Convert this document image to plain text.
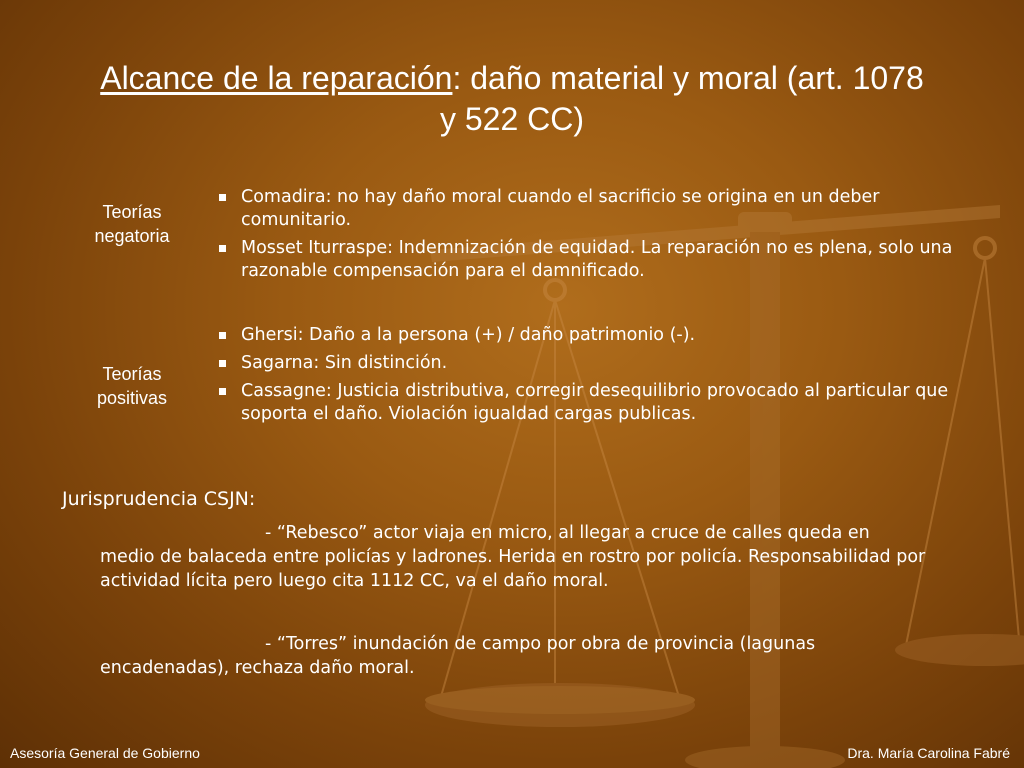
Alcance de la reparación: daño material y moral (art. 1078
y 522 CC)
Teorías
negatoria
Comadira: no hay daño moral cuando el sacrificio se origina en un deber comunitario.
Mosset Iturraspe: Indemnización de equidad. La reparación no es plena, solo una razonable compensación para el damnificado.
Teorías
positivas
Ghersi: Daño a la persona (+) / daño patrimonio (-).
Sagarna: Sin distinción.
Cassagne: Justicia distributiva, corregir desequilibrio provocado al particular que soporta el daño. Violación igualdad cargas publicas.
Jurisprudencia CSJN:
- “Rebesco” actor viaja en micro, al llegar a cruce de calles queda en
medio de balaceda entre policías y ladrones. Herida en rostro por policía. Responsabilidad por actividad lícita pero luego cita 1112 CC, va el daño moral.
- “Torres” inundación de campo por obra de provincia (lagunas
encadenadas), rechaza daño moral.
Asesoría General de Gobierno	Dra. María Carolina Fabré
